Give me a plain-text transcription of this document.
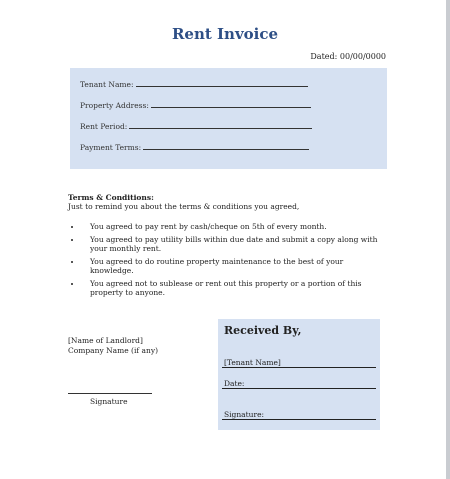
Rent Invoice
Dated: 00/00/0000
Tenant Name:
Property Address:
Rent Period:
Payment Terms:
Terms & Conditions:
Just to remind you about the terms & conditions you agreed,
• You agreed to pay rent by cash/cheque on 5th of every month.
• You agreed to pay utility bills within due date and submit a copy along with your monthly rent.
• You agreed to do routine property maintenance to the best of your knowledge.
• You agreed not to sublease or rent out this property or a portion of this property to anyone.
[Name of Landlord]
Company Name (if any)
Signature
Received By,
[Tenant Name]
Date:
Signature:
